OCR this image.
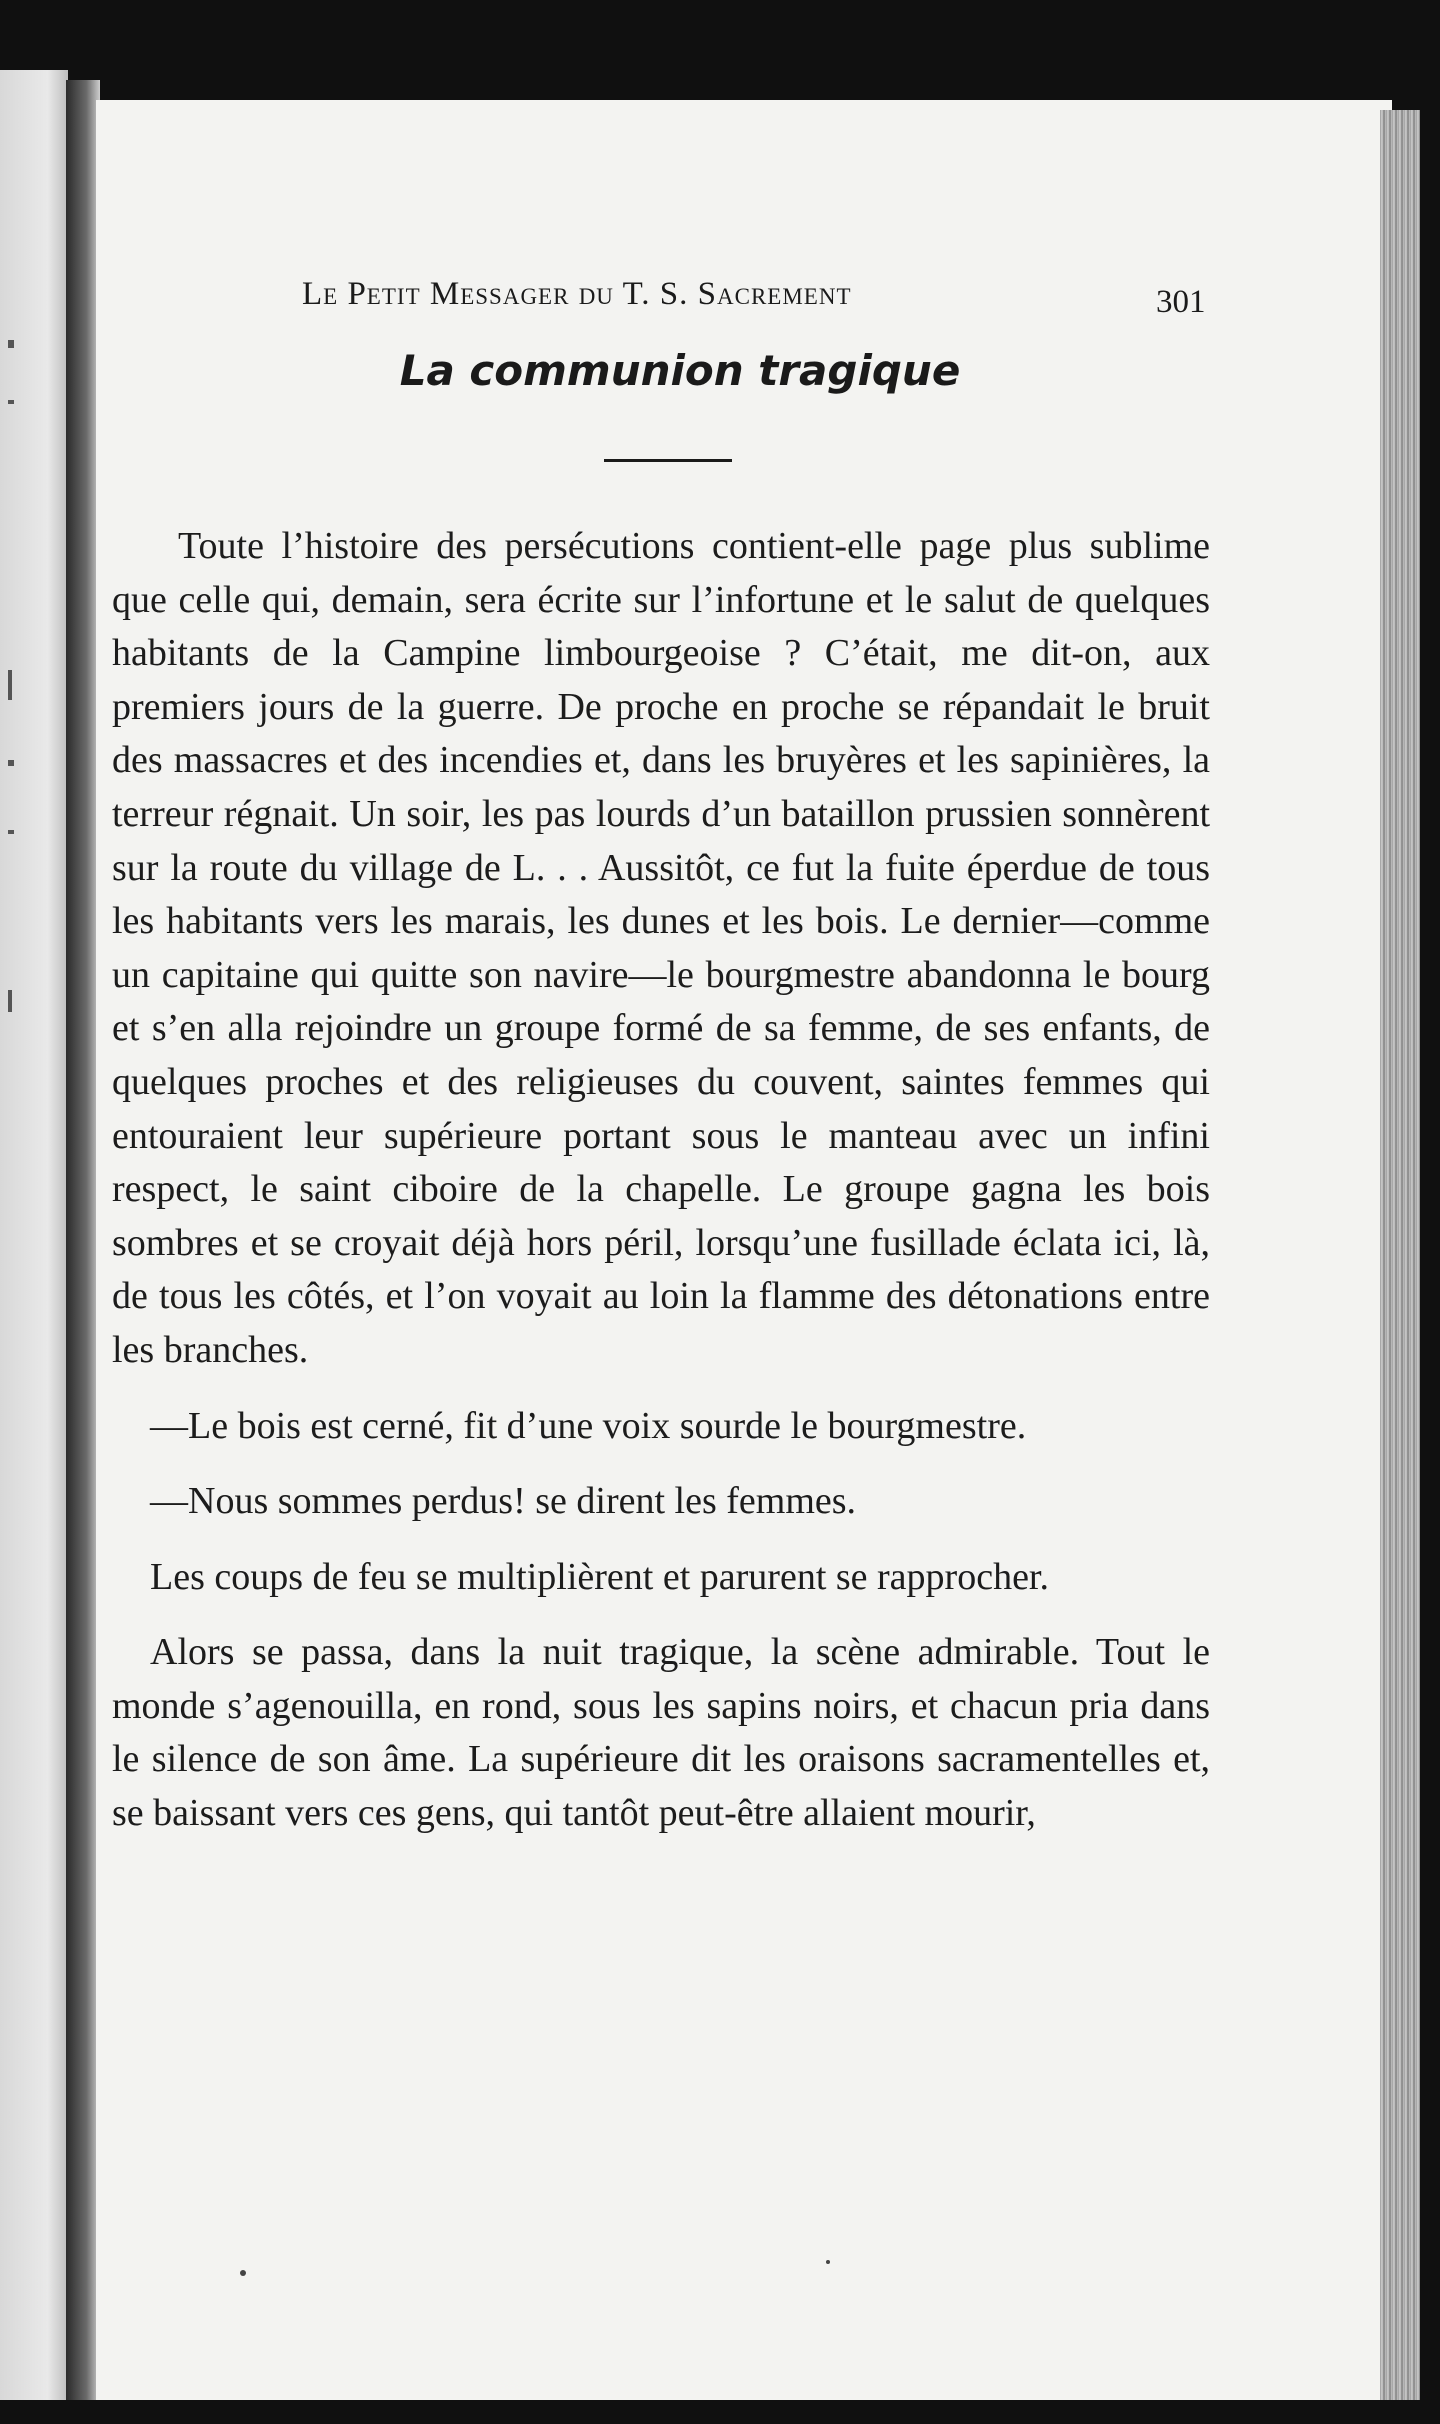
Le Petit Messager du T. S. Sacrement	301
La communion tragique

Toute l’histoire des persécutions contient-elle page plus sublime que celle qui, demain, sera écrite sur l’infortune et le salut de quelques habitants de la Campine limbourgeoise ? C’était, me dit-on, aux premiers jours de la guerre. De proche en proche se répandait le bruit des massacres et des incendies et, dans les bruyères et les sapinières, la terreur régnait. Un soir, les pas lourds d’un bataillon prussien sonnèrent sur la route du village de L. . . Aussitôt, ce fut la fuite éperdue de tous les habitants vers les marais, les dunes et les bois. Le dernier—comme un capitaine qui quitte son navire—le bourgmestre abandonna le bourg et s’en alla rejoindre un groupe formé de sa femme, de ses enfants, de quelques proches et des religieuses du couvent, saintes femmes qui entouraient leur supérieure portant sous le manteau avec un infini respect, le saint ciboire de la chapelle. Le groupe gagna les bois sombres et se croyait déjà hors péril, lorsqu’une fusillade éclata ici, là, de tous les côtés, et l’on voyait au loin la flamme des détonations entre les branches.

—Le bois est cerné, fit d’une voix sourde le bourgmestre.

—Nous sommes perdus! se dirent les femmes.

Les coups de feu se multiplièrent et parurent se rapprocher.

Alors se passa, dans la nuit tragique, la scène admirable. Tout le monde s’agenouilla, en rond, sous les sapins noirs, et chacun pria dans le silence de son âme. La supérieure dit les oraisons sacramentelles et, se baissant vers ces gens, qui tantôt peut-être allaient mourir,
